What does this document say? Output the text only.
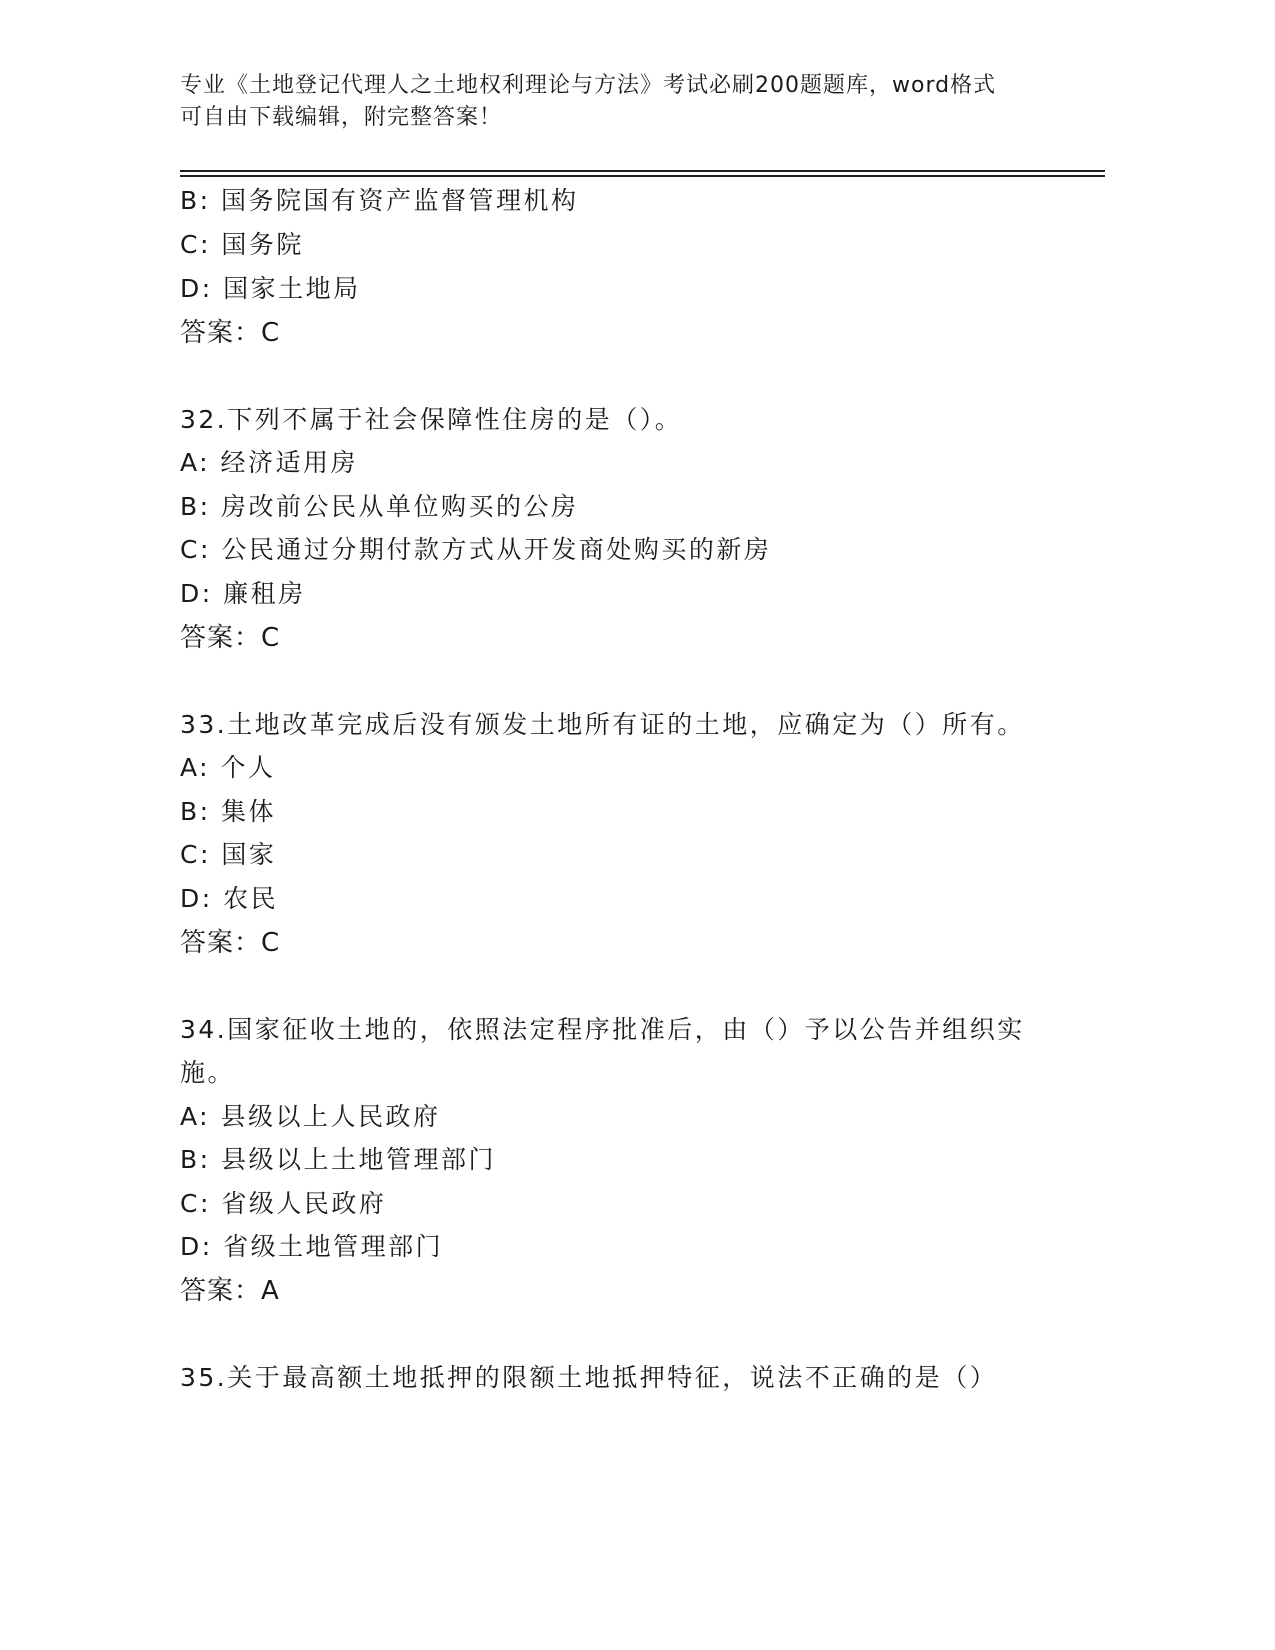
专业《土地登记代理人之土地权利理论与方法》考试必刷200题题库，word格式
可自由下载编辑，附完整答案！
B: 国务院国有资产监督管理机构
C: 国务院
D: 国家土地局
答案：C
32.下列不属于社会保障性住房的是（）。
A: 经济适用房
B: 房改前公民从单位购买的公房
C: 公民通过分期付款方式从开发商处购买的新房
D: 廉租房
答案：C
33.土地改革完成后没有颁发土地所有证的土地，应确定为（）所有。
A: 个人
B: 集体
C: 国家
D: 农民
答案：C
34.国家征收土地的，依照法定程序批准后，由（）予以公告并组织实
施。
A: 县级以上人民政府
B: 县级以上土地管理部门
C: 省级人民政府
D: 省级土地管理部门
答案：A
35.关于最高额土地抵押的限额土地抵押特征，说法不正确的是（）
